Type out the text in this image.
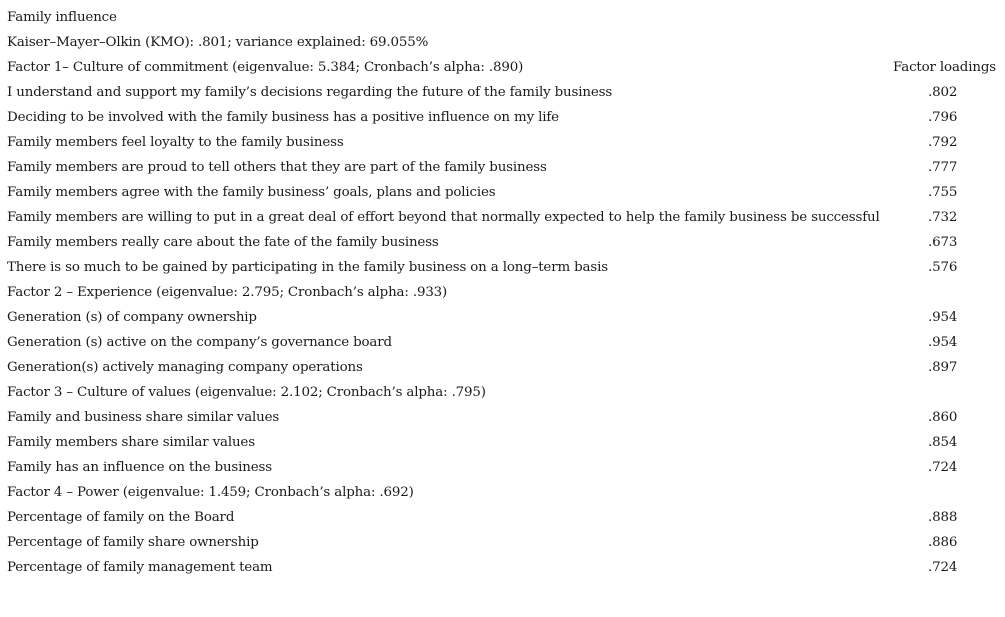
Family influence
Kaiser–Mayer–Olkin (KMO): .801; variance explained: 69.055%
Factor 1– Culture of commitment (eigenvalue: 5.384; Cronbach’s alpha: .890)	Factor loadings
I understand and support my family’s decisions regarding the future of the family business	.802
Deciding to be involved with the family business has a positive influence on my life	.796
Family members feel loyalty to the family business	.792
Family members are proud to tell others that they are part of the family business	.777
Family members agree with the family business’ goals, plans and policies	.755
Family members are willing to put in a great deal of effort beyond that normally expected to help the family business be successful	.732
Family members really care about the fate of the family business	.673
There is so much to be gained by participating in the family business on a long–term basis	.576
Factor 2 – Experience (eigenvalue: 2.795; Cronbach’s alpha: .933)
Generation (s) of company ownership	.954
Generation (s) active on the company’s governance board	.954
Generation(s) actively managing company operations	.897
Factor 3 – Culture of values (eigenvalue: 2.102; Cronbach’s alpha: .795)
Family and business share similar values	.860
Family members share similar values	.854
Family has an influence on the business	.724
Factor 4 – Power (eigenvalue: 1.459; Cronbach’s alpha: .692)
Percentage of family on the Board	.888
Percentage of family share ownership	.886
Percentage of family management team	.724
